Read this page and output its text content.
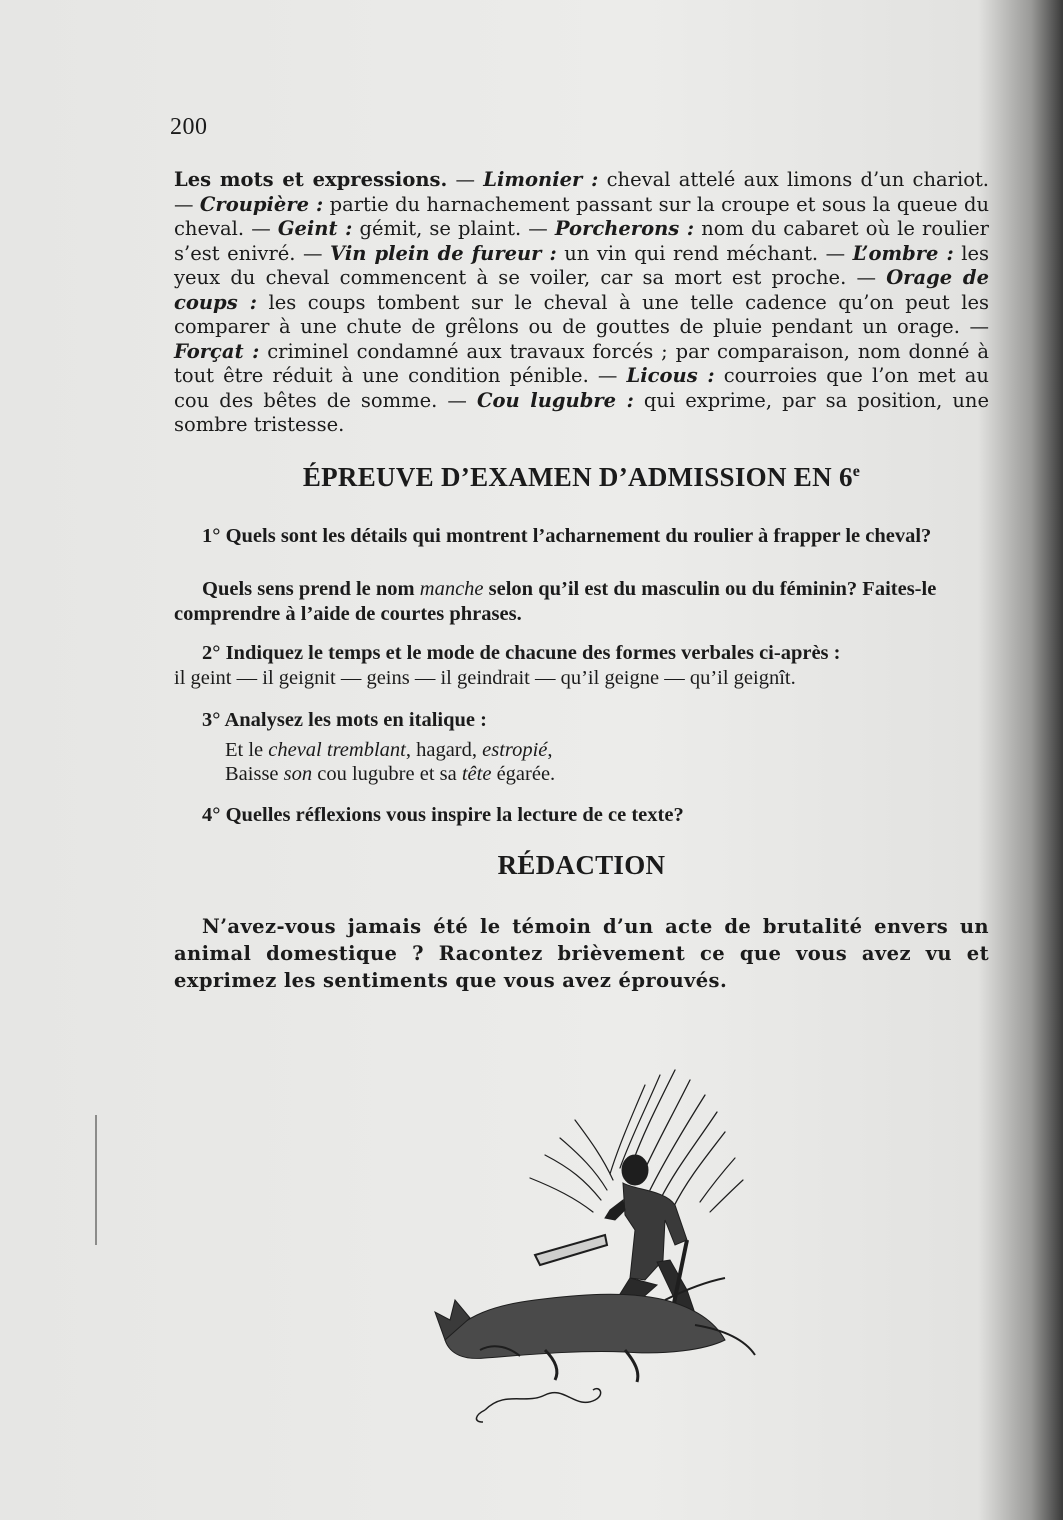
200
Les mots et expressions. — Limonier : cheval attelé aux limons d’un chariot. — Croupière : partie du harnachement passant sur la croupe et sous la queue du cheval. — Geint : gémit, se plaint. — Porcherons : nom du cabaret où le roulier s’est enivré. — Vin plein de fureur : un vin qui rend méchant. — L’ombre : les yeux du cheval commencent à se voiler, car sa mort est proche. — Orage de coups : les coups tombent sur le cheval à une telle cadence qu’on peut les comparer à une chute de grêlons ou de gouttes de pluie pendant un orage. — Forçat : criminel condamné aux travaux forcés ; par comparaison, nom donné à tout être réduit à une condition pénible. — Licous : courroies que l’on met au cou des bêtes de somme. — Cou lugubre : qui exprime, par sa position, une sombre tristesse.
ÉPREUVE D’EXAMEN D’ADMISSION EN 6e
1° Quels sont les détails qui montrent l’acharnement du roulier à frapper le cheval?
Quels sens prend le nom manche selon qu’il est du masculin ou du féminin? Faites-le comprendre à l’aide de courtes phrases.
2° Indiquez le temps et le mode de chacune des formes verbales ci-après :
il geint — il geignit — geins — il geindrait — qu’il geigne — qu’il geignît.
3° Analysez les mots en italique :
Et le cheval tremblant, hagard, estropié,
Baisse son cou lugubre et sa tête égarée.
4° Quelles réflexions vous inspire la lecture de ce texte?
RÉDACTION
N’avez-vous jamais été le témoin d’un acte de brutalité envers un animal domestique ? Racontez brièvement ce que vous avez vu et exprimez les sentiments que vous avez éprouvés.
